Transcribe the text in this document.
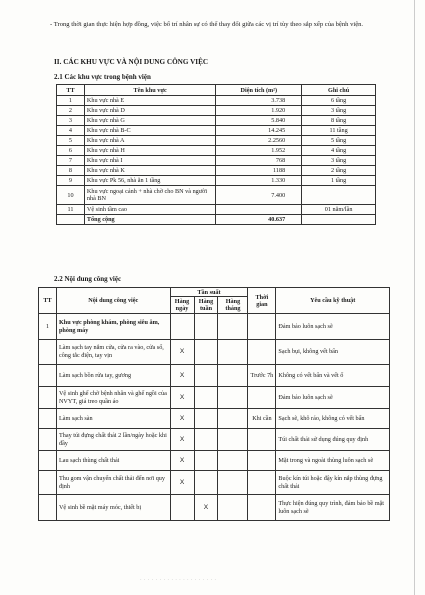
- Trong thời gian thực hiện hợp đồng, việc bố trí nhân sự có thể thay đổi giữa các vị trí tùy theo sắp xếp của bệnh viện.
II. CÁC KHU VỰC VÀ NỘI DUNG CÔNG VIỆC
2.1 Các khu vực trong bệnh viện
TT	Tên khu vực	Diện tích (m²)	Ghi chú
1	Khu vực nhà E	3.738	6 tầng
2	Khu vực nhà D	1.920	3 tầng
3	Khu vực nhà G	5.840	8 tầng
4	Khu vực nhà B-C	14.245	11 tầng
5	Khu vực nhà A	2.2560	5 tầng
6	Khu vực nhà H	1.952	4 tầng
7	Khu vực nhà I	768	3 tầng
8	Khu vực nhà K	1188	2 tầng
9	Khu vực Pk 56, nhà ăn 1 tầng	1.330	1 tầng
10	Khu vực ngoại cảnh + nhà chờ cho BN và người nhà BN	7.400	
11	Vệ sinh tầm cao		01 năm/lần
	Tổng cộng	40.637	
2.2 Nội dung công việc
TT	Nội dung công việc	Tần suất			Thời gian	Yêu cầu kỹ thuật
		Hàng ngày	Hàng tuần	Hàng tháng		
1	Khu vực phòng khám, phòng siêu âm, phòng máy					Đảm bảo luôn sạch sẽ
	Làm sạch tay nắm cửa, cửa ra vào, cửa sổ, công tắc điện, tay vịn	X				Sạch bụi, không vết bẩn
	Làm sạch bồn rửa tay, gương	X			Trước 7h	Không có vết bẩn và vết ố
	Vệ sinh ghế chờ bệnh nhân và ghế ngồi của NVYT, giá treo quần áo	X				Đảm bảo luôn sạch sẽ
	Làm sạch sàn	X			Khi cần	Sạch sẽ, khô ráo, không có vết bẩn
	Thay túi đựng chất thải 2 lần/ngày hoặc khi đầy	X				Túi chất thải sử dụng đúng quy định
	Lau sạch thùng chất thải	X				Mặt trong và ngoài thùng luôn sạch sẽ
	Thu gom vận chuyển chất thải đến nơi quy định	X				Buộc kín túi hoặc đậy kín nắp thùng đựng chất thải
	Vệ sinh bề mặt máy móc, thiết bị		X			Thực hiện đúng quy trình, đảm bảo bề mặt luôn sạch sẽ
· · · · · · · · · · · · · · · · · · · ·
